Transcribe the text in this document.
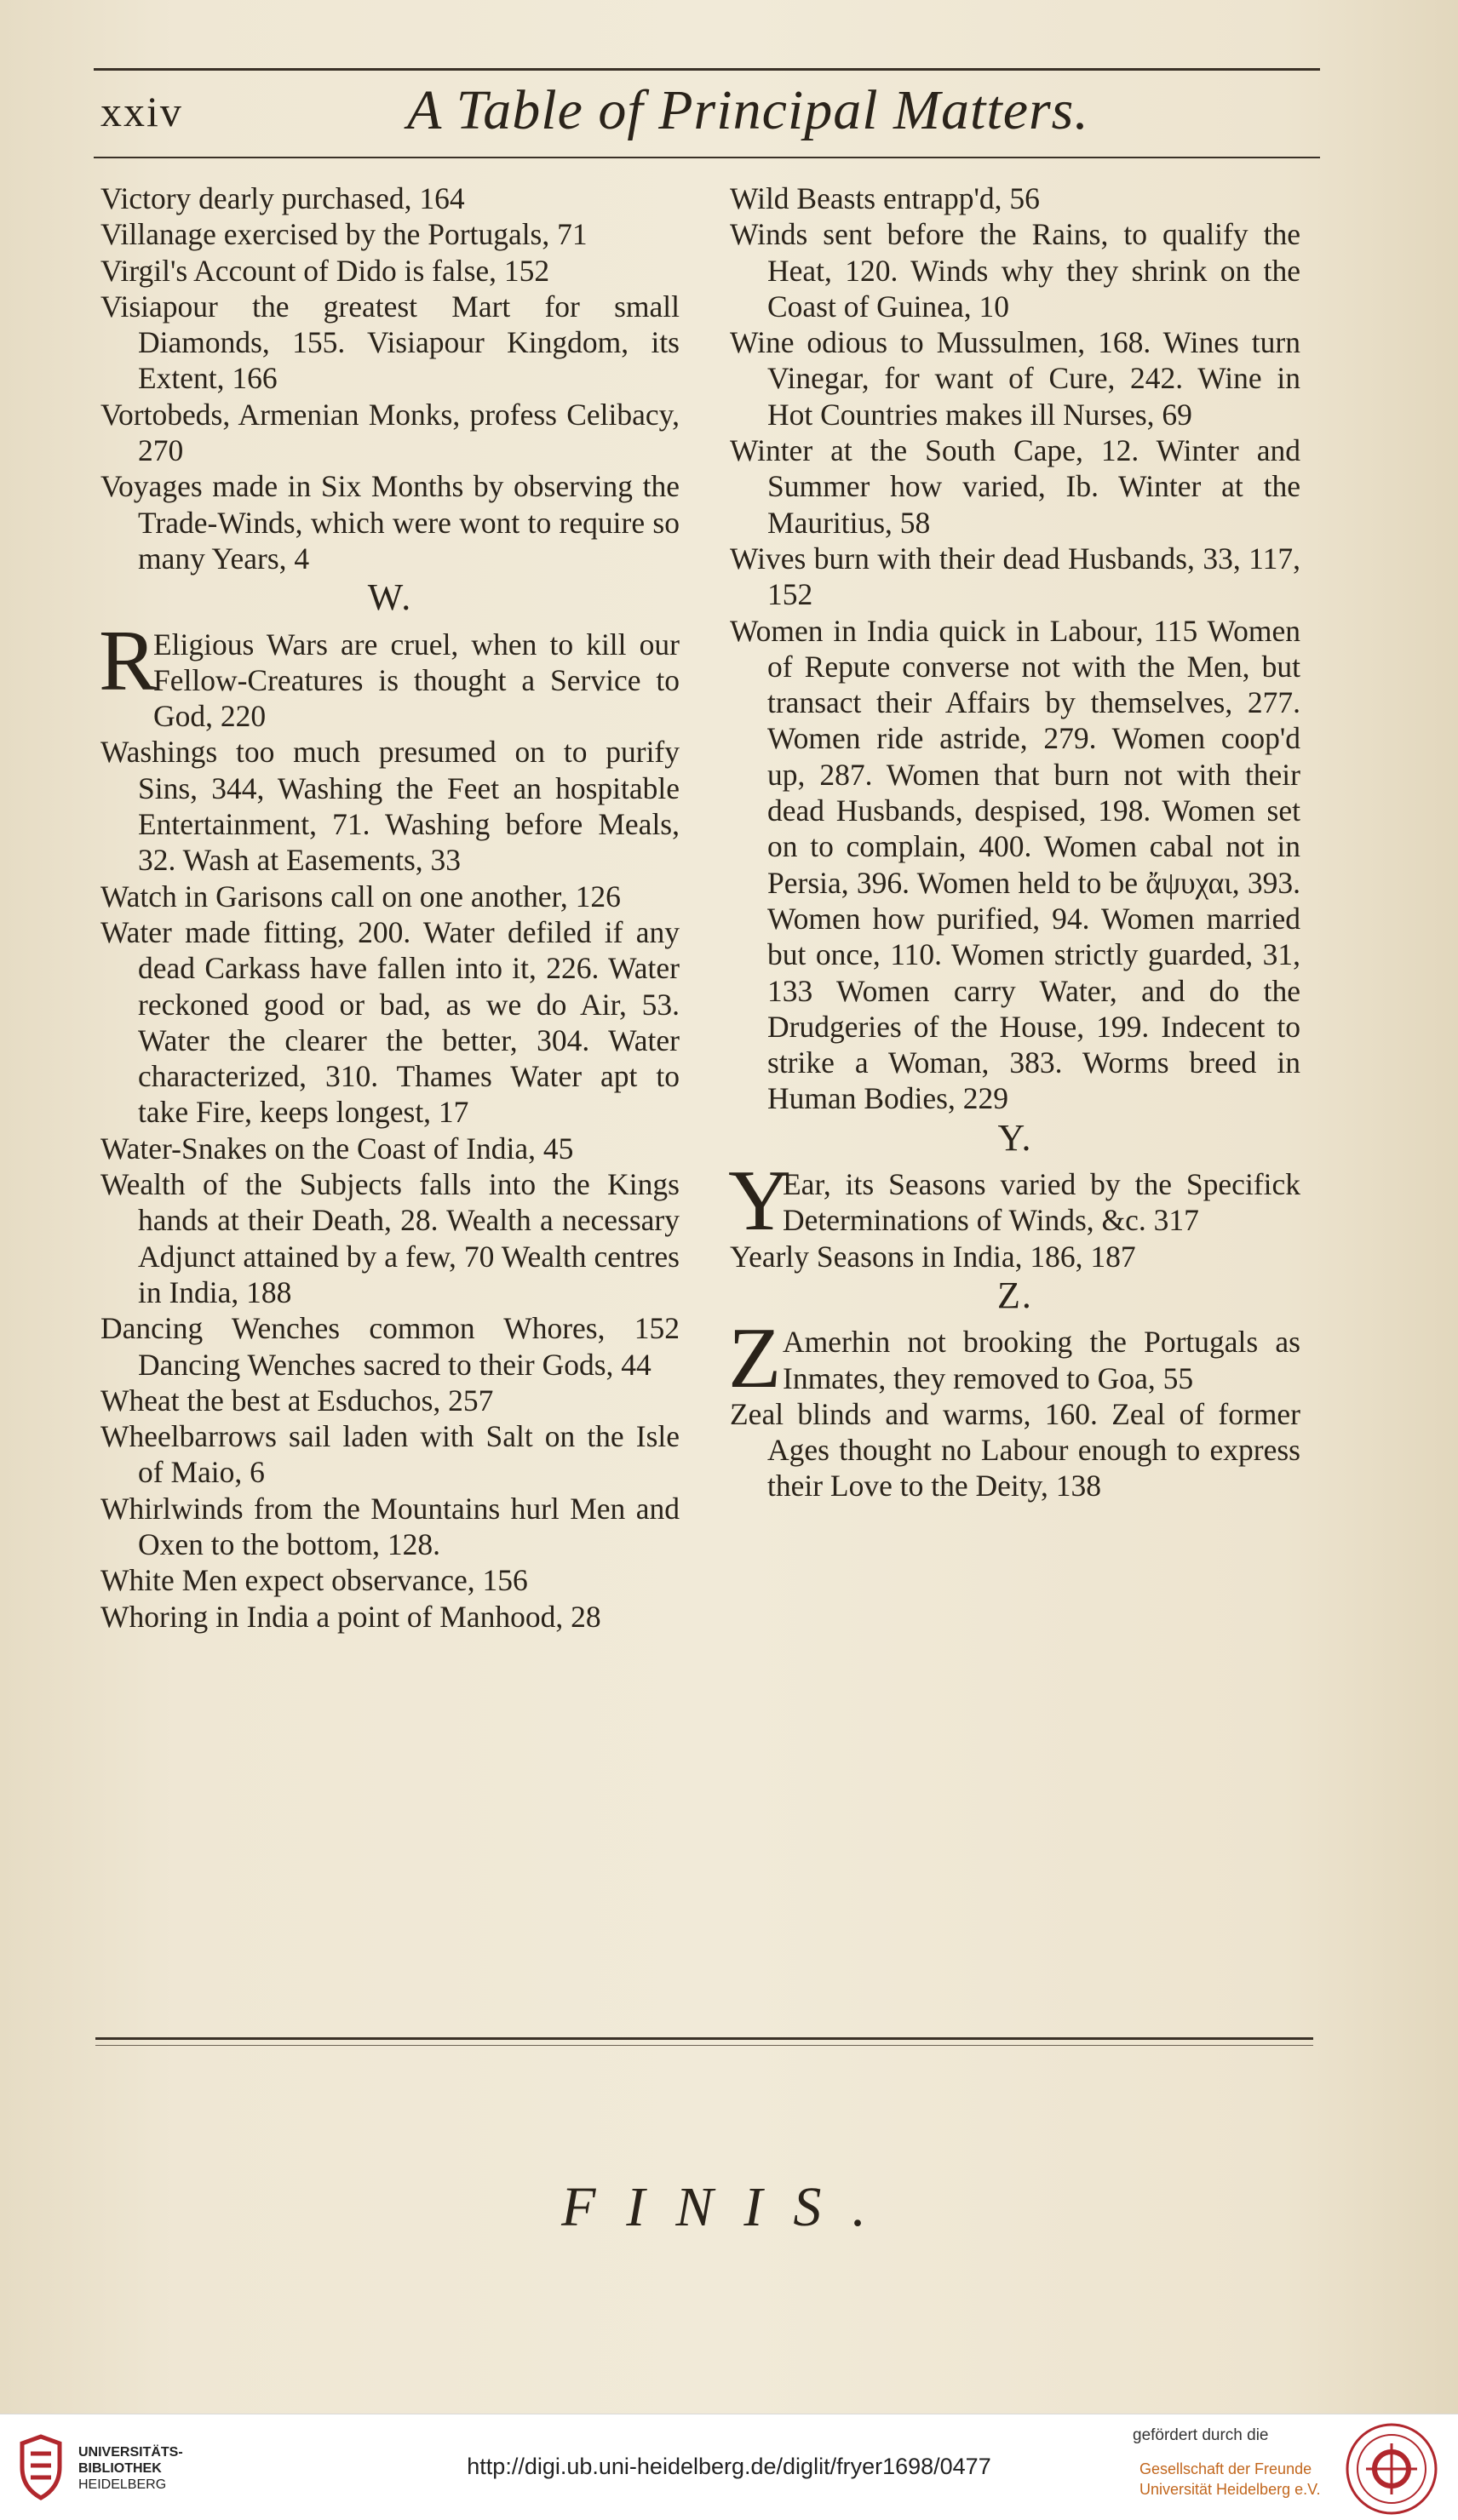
xxiv	A Table of Principal Matters.
Victory dearly purchased, 164
Villanage exercised by the Portugals, 71
Virgil's Account of Dido is false, 152
Visiapour the greatest Mart for small Diamonds, 155. Visiapour Kingdom, its Extent, 166
Vortobeds, Armenian Monks, profess Celibacy, 270
Voyages made in Six Months by observing the Trade-Winds, which were wont to require so many Years, 4
W.
R
Eligious Wars are cruel, when to kill our Fellow-Creatures is thought a Service to God, 220
Washings too much presumed on to purify Sins, 344, Washing the Feet an hospitable Entertainment, 71. Washing before Meals, 32. Wash at Easements, 33
Watch in Garisons call on one another, 126
Water made fitting, 200. Water defiled if any dead Carkass have fallen into it, 226. Water reckoned good or bad, as we do Air, 53. Water the clearer the better, 304. Water characterized, 310. Thames Water apt to take Fire, keeps longest, 17
Water-Snakes on the Coast of India, 45
Wealth of the Subjects falls into the Kings hands at their Death, 28. Wealth a necessary Adjunct attained by a few, 70 Wealth centres in India, 188
Dancing Wenches common Whores, 152 Dancing Wenches sacred to their Gods, 44
Wheat the best at Esduchos, 257
Wheelbarrows sail laden with Salt on the Isle of Maio, 6
Whirlwinds from the Mountains hurl Men and Oxen to the bottom, 128.
White Men expect observance, 156
Whoring in India a point of Manhood, 28
Wild Beasts entrapp'd, 56
Winds sent before the Rains, to qualify the Heat, 120. Winds why they shrink on the Coast of Guinea, 10
Wine odious to Mussulmen, 168. Wines turn Vinegar, for want of Cure, 242. Wine in Hot Countries makes ill Nurses, 69
Winter at the South Cape, 12. Winter and Summer how varied, Ib. Winter at the Mauritius, 58
Wives burn with their dead Husbands, 33, 117, 152
Women in India quick in Labour, 115 Women of Repute converse not with the Men, but transact their Affairs by themselves, 277. Women ride astride, 279. Women coop'd up, 287. Women that burn not with their dead Husbands, despised, 198. Women set on to complain, 400. Women cabal not in Persia, 396. Women held to be ἄψυχαι, 393. Women how purified, 94. Women married but once, 110. Women strictly guarded, 31, 133 Women carry Water, and do the Drudgeries of the House, 199. Indecent to strike a Woman, 383. Worms breed in Human Bodies, 229
Y.
Y
Ear, its Seasons varied by the Specifick Determinations of Winds, &c. 317
Yearly Seasons in India, 186, 187
Z.
Z Amerhin not brooking the Portugals as Inmates, they removed to Goa, 55
Zeal blinds and warms, 160. Zeal of former Ages thought no Labour enough to express their Love to the Deity, 138
FINIS.
UNIVERSITÄTS-
BIBLIOTHEK
HEIDELBERG
http://digi.ub.uni-heidelberg.de/diglit/fryer1698/0477
gefördert durch die
Gesellschaft der Freunde
Universität Heidelberg e.V.
